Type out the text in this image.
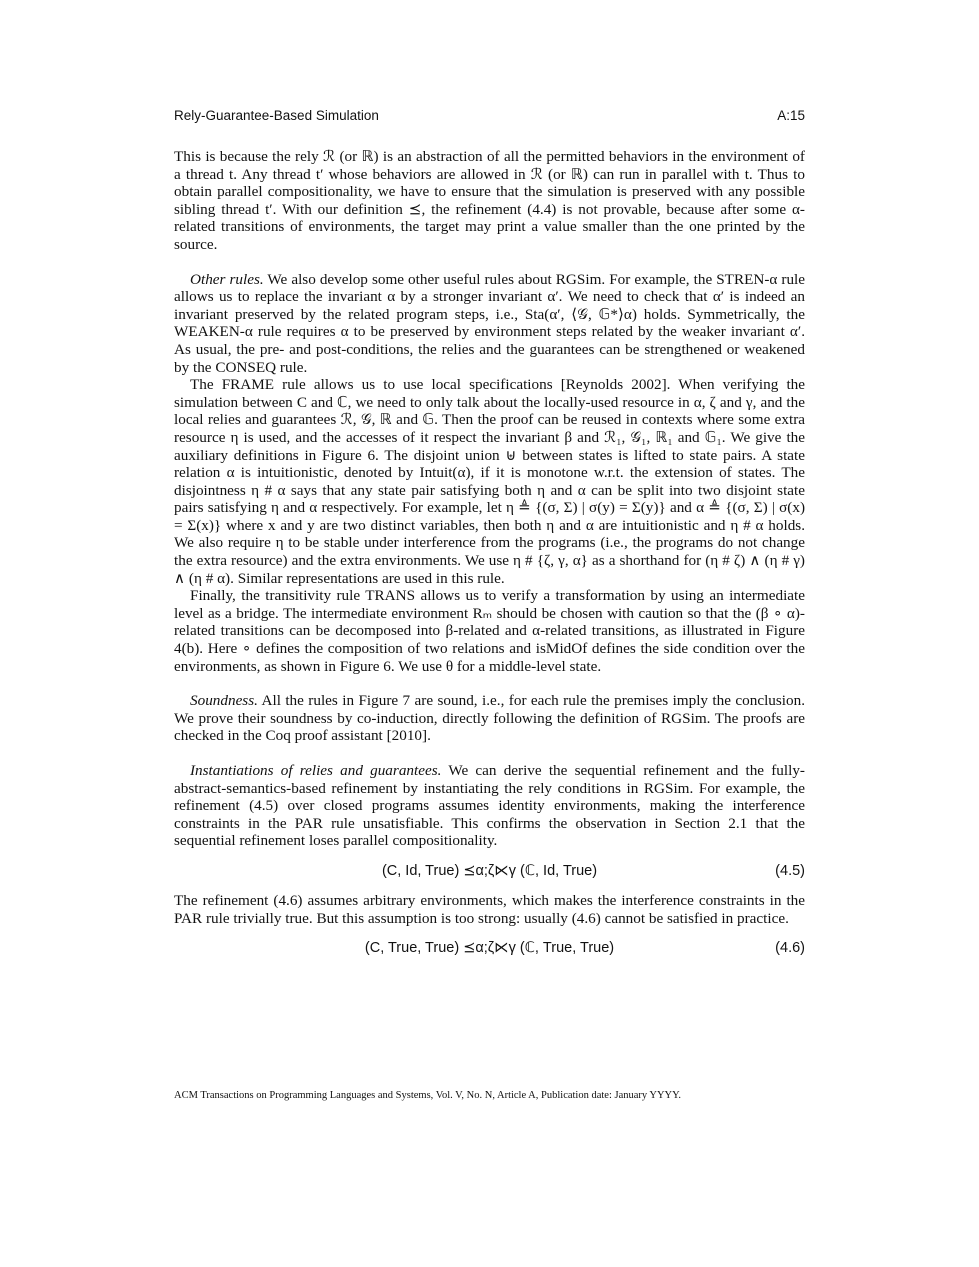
Rely-Guarantee-Based Simulation	A:15

This is because the rely ℛ (or ℝ) is an abstraction of all the permitted behaviors in the environment of a thread t. Any thread t′ whose behaviors are allowed in ℛ (or ℝ) can run in parallel with t. Thus to obtain parallel compositionality, we have to ensure that the simulation is preserved with any possible sibling thread t′. With our definition ⪯, the refinement (4.4) is not provable, because after some α-related transitions of environments, the target may print a value smaller than the one printed by the source.

Other rules. We also develop some other useful rules about RGSim. For example, the STREN-α rule allows us to replace the invariant α by a stronger invariant α′. We need to check that α′ is indeed an invariant preserved by the related program steps, i.e., Sta(α′, ⟨𝒢, 𝔾*⟩α) holds. Symmetrically, the WEAKEN-α rule requires α to be preserved by environment steps related by the weaker invariant α′. As usual, the pre- and post-conditions, the relies and the guarantees can be strengthened or weakened by the CONSEQ rule.

The FRAME rule allows us to use local specifications [Reynolds 2002]. When verifying the simulation between C and ℂ, we need to only talk about the locally-used resource in α, ζ and γ, and the local relies and guarantees ℛ, 𝒢, ℝ and 𝔾. Then the proof can be reused in contexts where some extra resource η is used, and the accesses of it respect the invariant β and ℛ₁, 𝒢₁, ℝ₁ and 𝔾₁. We give the auxiliary definitions in Figure 6. The disjoint union ⊎ between states is lifted to state pairs. A state relation α is intuitionistic, denoted by Intuit(α), if it is monotone w.r.t. the extension of states. The disjointness η # α says that any state pair satisfying both η and α can be split into two disjoint state pairs satisfying η and α respectively. For example, let η ≜ {(σ, Σ) | σ(y) = Σ(y)} and α ≜ {(σ, Σ) | σ(x) = Σ(x)} where x and y are two distinct variables, then both η and α are intuitionistic and η # α holds. We also require η to be stable under interference from the programs (i.e., the programs do not change the extra resource) and the extra environments. We use η # {ζ, γ, α} as a shorthand for (η # ζ) ∧ (η # γ) ∧ (η # α). Similar representations are used in this rule.

Finally, the transitivity rule TRANS allows us to verify a transformation by using an intermediate level as a bridge. The intermediate environment Rₘ should be chosen with caution so that the (β ∘ α)-related transitions can be decomposed into β-related and α-related transitions, as illustrated in Figure 4(b). Here ∘ defines the composition of two relations and isMidOf defines the side condition over the environments, as shown in Figure 6. We use θ for a middle-level state.

Soundness. All the rules in Figure 7 are sound, i.e., for each rule the premises imply the conclusion. We prove their soundness by co-induction, directly following the definition of RGSim. The proofs are checked in the Coq proof assistant [2010].

Instantiations of relies and guarantees. We can derive the sequential refinement and the fully-abstract-semantics-based refinement by instantiating the rely conditions in RGSim. For example, the refinement (4.5) over closed programs assumes identity environments, making the interference constraints in the PAR rule unsatisfiable. This confirms the observation in Section 2.1 that the sequential refinement loses parallel compositionality.

(C, Id, True) ⪯α;ζ⋉γ (ℂ, Id, True)	(4.5)

The refinement (4.6) assumes arbitrary environments, which makes the interference constraints in the PAR rule trivially true. But this assumption is too strong: usually (4.6) cannot be satisfied in practice.

(C, True, True) ⪯α;ζ⋉γ (ℂ, True, True)	(4.6)
ACM Transactions on Programming Languages and Systems, Vol. V, No. N, Article A, Publication date: January YYYY.
